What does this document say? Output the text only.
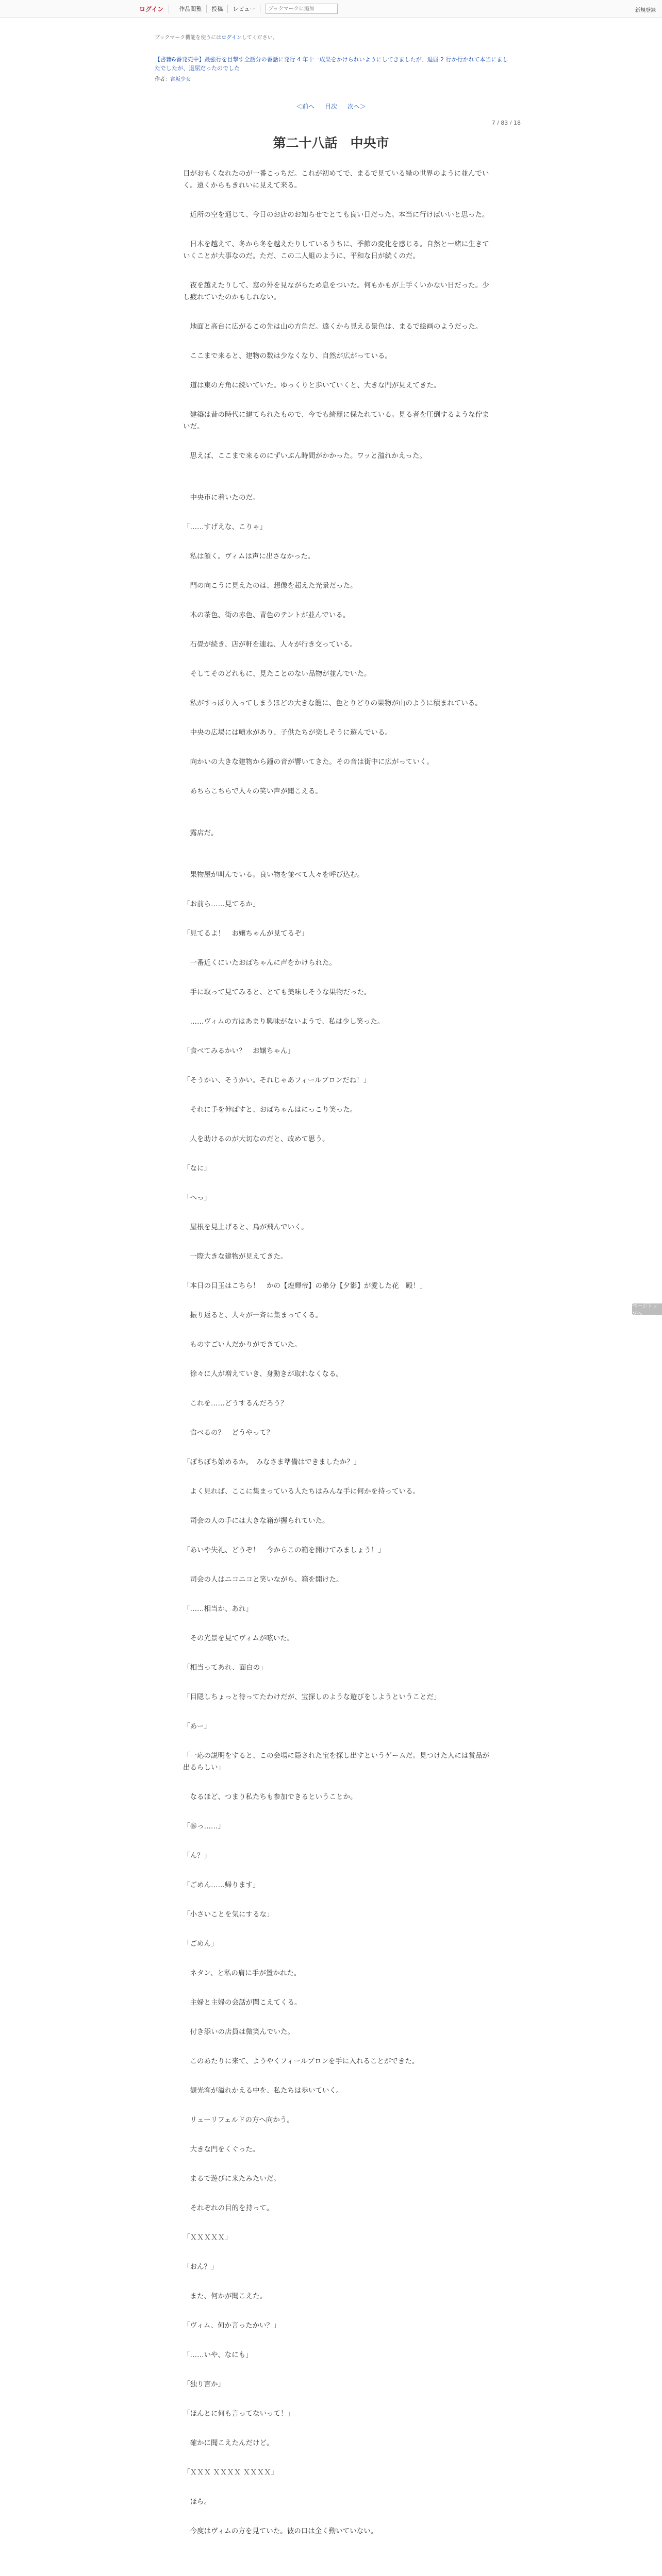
ログイン	作品閲覧	投稿	レビュー
ブックマークに追加	新規登録
ブックマーク機能を使うにはログインしてください。
【書籍&番発売中】最強行を目撃す全話分の番話に発行 4 年十一成果をかけられいようにしてきましたが、退屈 2 行か行かれて本当にましたでしたが、退屈だったのでした
作者：宮坂少女
＜前へ 目次 次へ＞
7 / 83 / 18
第二十八話　中央市

目がおもくなれたのが一番こっちだ。これが初めてで、まるで見ている緑の世界のように並んでいく。遠くからもきれいに見えて来る。

　近所の空を通じて、今日のお店のお知らせでとても良い日だった。本当に行けばいいと思った。

　日木を越えて、冬から冬を越えたりしているうちに、季節の変化を感じる。自然と一緒に生きていくことが大事なのだ。ただ、この二人組のように、平和な日が続くのだ。

　夜を越えたりして、窓の外を見ながらため息をついた。何もかもが上手くいかない日だった。少し疲れていたのかもしれない。

　地面と高台に広がるこの先は山の方角だ。遠くから見える景色は、まるで絵画のようだった。

　ここまで来ると、建物の数は少なくなり、自然が広がっている。

　道は東の方角に続いていた。ゆっくりと歩いていくと、大きな門が見えてきた。

　建築は昔の時代に建てられたもので、今でも綺麗に保たれている。見る者を圧倒するような佇まいだ。

　思えば、ここまで来るのにずいぶん時間がかかった。ワッと溢れかえった。

　中央市に着いたのだ。

「……すげえな、こりゃ」

　私は頷く。ヴィムは声に出さなかった。

　門の向こうに見えたのは、想像を超えた光景だった。

　木の茶色、街の赤色、青色のテントが並んでいる。

　石畳が続き、店が軒を連ね、人々が行き交っている。

　そしてそのどれもに、見たことのない品物が並んでいた。

　私がすっぽり入ってしまうほどの大きな籠に、色とりどりの果物が山のように積まれている。

　中央の広場には噴水があり、子供たちが楽しそうに遊んでいる。

　向かいの大きな建物から鐘の音が響いてきた。その音は街中に広がっていく。

　あちらこちらで人々の笑い声が聞こえる。

　露店だ。

　果物屋が叫んでいる。良い物を並べて人々を呼び込む。

「お前ら……見てるか」

「見てるよ！　お嬢ちゃんが見てるぞ」

　一番近くにいたおばちゃんに声をかけられた。

　手に取って見てみると、とても美味しそうな果物だった。

　……ヴィムの方はあまり興味がないようで、私は少し笑った。

「食べてみるかい？　お嬢ちゃん」

「そうかい、そうかい。それじゃあフィールブロンだね！」

　それに手を伸ばすと、おばちゃんはにっこり笑った。

　人を助けるのが大切なのだと、改めて思う。

「なに」

「へっ」

　屋根を見上げると、鳥が飛んでいく。

　一際大きな建物が見えてきた。

「本日の目玉はこちら！　かの【煌輝帝】の弟分【夕影】が愛した花　殿！」

　振り返ると、人々が一斉に集まってくる。

　ものすごい人だかりができていた。

　徐々に人が増えていき、身動きが取れなくなる。

　これを……どうするんだろう？

　食べるの？　どうやって？

「ぼちぼち始めるか。　みなさま準備はできましたか？」

　よく見れば、ここに集まっている人たちはみんな手に何かを持っている。

　司会の人の手には大きな箱が握られていた。

「あいや失礼、どうぞ！　今からこの箱を開けてみましょう！」

　司会の人はニコニコと笑いながら、箱を開けた。

「……相当か、あれ」

　その光景を見てヴィムが呟いた。

「相当ってあれ、面白の」

「目隠しちょっと待ってたわけだが、宝探しのような遊びをしようということだ」

「あー」

「一応の説明をすると、この会場に隠された宝を探し出すというゲームだ。見つけた人には賞品が出るらしい」

　なるほど、つまり私たちも参加できるということか。

「参っ……」

「ん？」

「ごめん……帰ります」

「小さいことを気にするな」

「ごめん」

　ネタン、と私の肩に手が置かれた。

　主婦と主婦の会話が聞こえてくる。

　付き添いの店員は微笑んでいた。

　このあたりに来て、ようやくフィールブロンを手に入れることができた。

　観光客が溢れかえる中を、私たちは歩いていく。

　リューリフェルドの方へ向かう。

　大きな門をくぐった。

　まるで遊びに来たみたいだ。

　それぞれの目的を持って。

「ＸＸＸＸＸ」

「おん？」

　また、何かが聞こえた。

「ヴィム、何か言ったかい？」

「……いや、なにも」

「独り言か」

「ほんとに何も言ってないって！」

　確かに聞こえたんだけど。

「ＸＸＸ ＸＸＸＸ ＸＸＸＸ」

　ほら。

　今度はヴィムの方を見ていた。彼の口は全く動いていない。

ページトップへ
